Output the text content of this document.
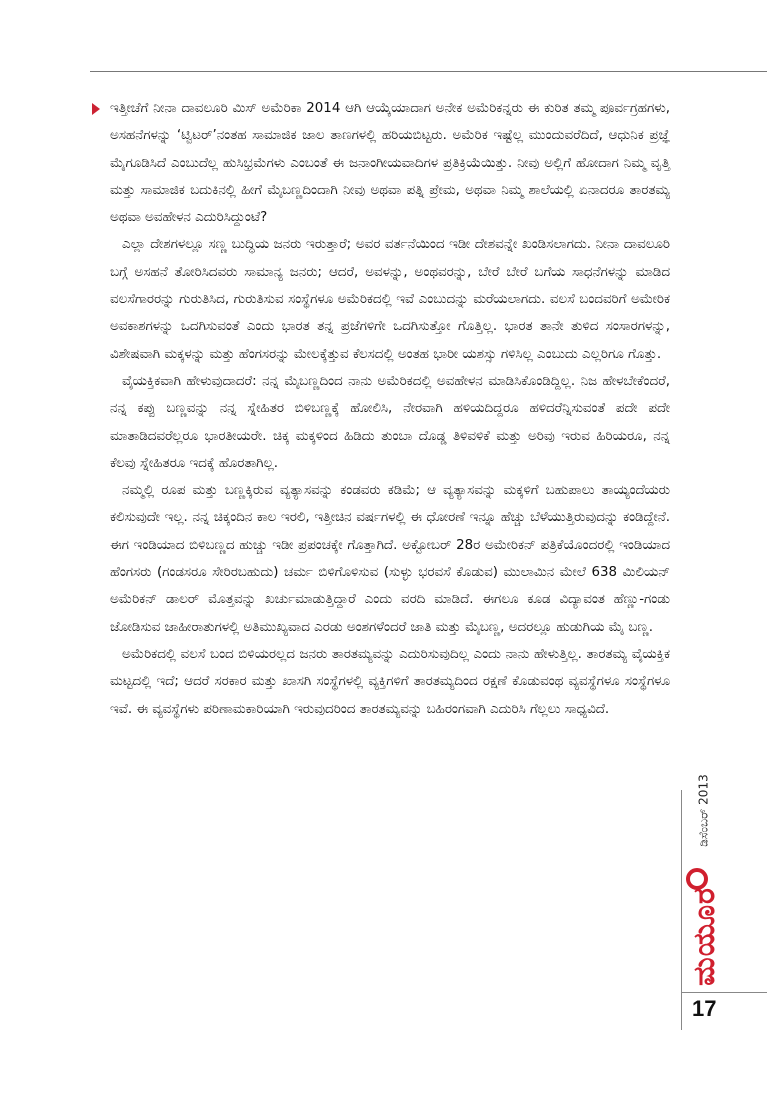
ಇತ್ತೀಚೆಗೆ ನೀನಾ ದಾವಲೂರಿ ಮಿಸ್ ಅಮೆರಿಕಾ 2014 ಆಗಿ ಆಯ್ಕೆಯಾದಾಗ ಅನೇಕ ಅಮೆರಿಕನ್ನರು ಈ ಕುರಿತ ತಮ್ಮ ಪೂರ್ವಗ್ರಹಗಳು, ಅಸಹನೆಗಳನ್ನು ‘ಟ್ವಿಟರ್’ನಂತಹ ಸಾಮಾಜಿಕ ಜಾಲ ತಾಣಗಳಲ್ಲಿ ಹರಿಯಬಿಟ್ಟರು. ಅಮೆರಿಕ ಇಷ್ಟೆಲ್ಲ ಮುಂದುವರೆದಿದೆ, ಆಧುನಿಕ ಪ್ರಜ್ಞೆ ಮೈಗೂಡಿಸಿದೆ ಎಂಬುದೆಲ್ಲ ಹುಸಿಭ್ರಮೆಗಳು ಎಂಬಂತೆ ಈ ಜನಾಂಗೀಯವಾದಿಗಳ ಪ್ರತಿಕ್ರಿಯೆಯಿತ್ತು. ನೀವು ಅಲ್ಲಿಗೆ ಹೋದಾಗ ನಿಮ್ಮ ವೃತ್ತಿ ಮತ್ತು ಸಾಮಾಜಿಕ ಬದುಕಿನಲ್ಲಿ ಹೀಗೆ ಮೈಬಣ್ಣದಿಂದಾಗಿ ನೀವು ಅಥವಾ ಪತ್ನಿ ಪ್ರೇಮ, ಅಥವಾ ನಿಮ್ಮ ಶಾಲೆಯಲ್ಲಿ ಏನಾದರೂ ತಾರತಮ್ಯ ಅಥವಾ ಅವಹೇಳನ ಎದುರಿಸಿದ್ದುಂಟೆ?

ಎಲ್ಲಾ ದೇಶಗಳಲ್ಲೂ ಸಣ್ಣ ಬುದ್ಧಿಯ ಜನರು ಇರುತ್ತಾರೆ; ಅವರ ವರ್ತನೆಯಿಂದ ಇಡೀ ದೇಶವನ್ನೇ ಖಂಡಿಸಲಾಗದು. ನೀನಾ ದಾವಲೂರಿ ಬಗ್ಗೆ ಅಸಹನೆ ತೋರಿಸಿದವರು ಸಾಮಾನ್ಯ ಜನರು; ಆದರೆ, ಅವಳನ್ನು, ಅಂಥವರನ್ನು, ಬೇರೆ ಬೇರೆ ಬಗೆಯ ಸಾಧನೆಗಳನ್ನು ಮಾಡಿದ ವಲಸೆಗಾರರನ್ನು ಗುರುತಿಸಿದ, ಗುರುತಿಸುವ ಸಂಸ್ಥೆಗಳೂ ಅಮೆರಿಕದಲ್ಲಿ ಇವೆ ಎಂಬುದನ್ನು ಮರೆಯಲಾಗದು. ವಲಸೆ ಬಂದವರಿಗೆ ಅಮೇರಿಕ ಅವಕಾಶಗಳನ್ನು ಒದಗಿಸುವಂತೆ ಎಂದು ಭಾರತ ತನ್ನ ಪ್ರಜೆಗಳಿಗೇ ಒದಗಿಸುತ್ತೋ ಗೊತ್ತಿಲ್ಲ. ಭಾರತ ತಾನೇ ತುಳಿದ ಸಂಸಾರಗಳನ್ನು, ವಿಶೇಷವಾಗಿ ಮಕ್ಕಳನ್ನು ಮತ್ತು ಹೆಂಗಸರನ್ನು ಮೇಲಕ್ಕೆತ್ತುವ ಕೆಲಸದಲ್ಲಿ ಅಂತಹ ಭಾರೀ ಯಶಸ್ಸು ಗಳಿಸಿಲ್ಲ ಎಂಬುದು ಎಲ್ಲರಿಗೂ ಗೊತ್ತು.

ವೈಯಕ್ತಿಕವಾಗಿ ಹೇಳುವುದಾದರೆ: ನನ್ನ ಮೈಬಣ್ಣದಿಂದ ನಾನು ಅಮೆರಿಕದಲ್ಲಿ ಅವಹೇಳನ ಮಾಡಿಸಿಕೊಂಡಿದ್ದಿಲ್ಲ. ನಿಜ ಹೇಳಬೇಕೆಂದರೆ, ನನ್ನ ಕಪ್ಪು ಬಣ್ಣವನ್ನು ನನ್ನ ಸ್ನೇಹಿತರ ಬಿಳಿಬಣ್ಣಕ್ಕೆ ಹೋಲಿಸಿ, ನೇರವಾಗಿ ಹಳಿಯದಿದ್ದರೂ ಹಳಿದರೆನ್ನಿಸುವಂತೆ ಪದೇ ಪದೇ ಮಾತಾಡಿದವರೆಲ್ಲರೂ ಭಾರತೀಯರೇ. ಚಿಕ್ಕ ಮಕ್ಕಳಿಂದ ಹಿಡಿದು ತುಂಬಾ ದೊಡ್ಡ ತಿಳಿವಳಿಕೆ ಮತ್ತು ಅರಿವು ಇರುವ ಹಿರಿಯರೂ, ನನ್ನ ಕೆಲವು ಸ್ನೇಹಿತರೂ ಇದಕ್ಕೆ ಹೊರತಾಗಿಲ್ಲ.

ನಮ್ಮಲ್ಲಿ ರೂಪ ಮತ್ತು ಬಣ್ಣಕ್ಕಿರುವ ವ್ಯತ್ಯಾಸವನ್ನು ಕಂಡವರು ಕಡಿಮೆ; ಆ ವ್ಯತ್ಯಾಸವನ್ನು ಮಕ್ಕಳಿಗೆ ಬಹುಪಾಲು ತಾಯ್ಯಂದೆಯರು ಕಲಿಸುವುದೇ ಇಲ್ಲ. ನನ್ನ ಚಿಕ್ಕಂದಿನ ಕಾಲ ಇರಲಿ, ಇತ್ತೀಚಿನ ವರ್ಷಗಳಲ್ಲಿ ಈ ಧೋರಣೆ ಇನ್ನೂ ಹೆಚ್ಚು ಬೆಳೆಯುತ್ತಿರುವುದನ್ನು ಕಂಡಿದ್ದೇನೆ. ಈಗ ಇಂಡಿಯಾದ ಬಿಳಿಬಣ್ಣದ ಹುಚ್ಚು ಇಡೀ ಪ್ರಪಂಚಕ್ಕೇ ಗೊತ್ತಾಗಿದೆ. ಅಕ್ಟೋಬರ್ 28ರ ಅಮೇರಿಕನ್ ಪತ್ರಿಕೆಯೊಂದರಲ್ಲಿ ಇಂಡಿಯಾದ ಹೆಂಗಸರು (ಗಂಡಸರೂ ಸೇರಿರಬಹುದು) ಚರ್ಮ ಬಿಳಿಗೊಳಿಸುವ (ಸುಳ್ಳು ಭರವಸೆ ಕೊಡುವ) ಮುಲಾಮಿನ ಮೇಲೆ 638 ಮಿಲಿಯನ್ ಅಮೆರಿಕನ್ ಡಾಲರ್ ಮೊತ್ತವನ್ನು ಖರ್ಚುಮಾಡುತ್ತಿದ್ದಾರೆ ಎಂದು ವರದಿ ಮಾಡಿದೆ. ಈಗಲೂ ಕೂಡ ವಿದ್ಯಾವಂತ ಹೆಣ್ಣು-ಗಂಡು ಜೋಡಿಸುವ ಜಾಹೀರಾತುಗಳಲ್ಲಿ ಅತಿಮುಖ್ಯವಾದ ಎರಡು ಅಂಶಗಳೆಂದರೆ ಜಾತಿ ಮತ್ತು ಮೈಬಣ್ಣ, ಅದರಲ್ಲೂ ಹುಡುಗಿಯ ಮೈ ಬಣ್ಣ.

ಅಮೆರಿಕದಲ್ಲಿ ವಲಸೆ ಬಂದ ಬಿಳಿಯರಲ್ಲದ ಜನರು ತಾರತಮ್ಯವನ್ನು ಎದುರಿಸುವುದಿಲ್ಲ ಎಂದು ನಾನು ಹೇಳುತ್ತಿಲ್ಲ. ತಾರತಮ್ಯ ವೈಯಕ್ತಿಕ ಮಟ್ಟದಲ್ಲಿ ಇದೆ; ಆದರೆ ಸರಕಾರ ಮತ್ತು ಖಾಸಗಿ ಸಂಸ್ಥೆಗಳಲ್ಲಿ ವ್ಯಕ್ತಿಗಳಿಗೆ ತಾರತಮ್ಯದಿಂದ ರಕ್ಷಣೆ ಕೊಡುವಂಥ ವ್ಯವಸ್ಥೆಗಳೂ ಸಂಸ್ಥೆಗಳೂ ಇವೆ. ಈ ವ್ಯವಸ್ಥೆಗಳು ಪರಿಣಾಮಕಾರಿಯಾಗಿ ಇರುವುದರಿಂದ ತಾರತಮ್ಯವನ್ನು ಬಹಿರಂಗವಾಗಿ ಎದುರಿಸಿ ಗೆಲ್ಲಲು ಸಾಧ್ಯವಿದೆ.

ಡಿಸೆಂಬರ್ 2013
ಮಯೂರ
17
